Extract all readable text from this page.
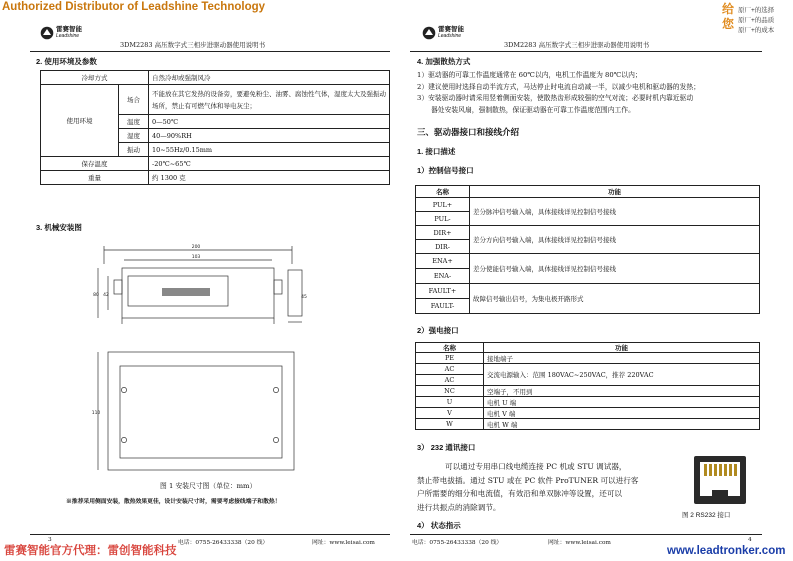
Authorized Distributor of Leadshine Technology	给 您
原厂+的选择
原厂+的品质
原厂+的成本
雷赛智能
Leadshine
3DM2283 高压数字式三相步进驱动器使用说明书
2. 使用环境及参数
冷却方式		自然冷却或强制风冷
使用环境	场合	不能放在其它发热的设备旁，要避免粉尘、油雾、腐蚀性气体，湿度太大及强振动场所，禁止有可燃气体和导电灰尘；
	温度	0—50℃
	湿度	40—90%RH
	振动	10~55Hz/0.15mm
保存温度		-20℃~65℃
重量		约 1300 克
3. 机械安装图
200
103
80 42	45
110
图 1 安装尺寸图（单位：mm）
※推荐采用侧面安装，散热效果更佳，设计安装尺寸时，需要考虑接线端子和散热！
3	电话：0755-26433338（20 线）	网址：www.leisai.com
雷赛智能
Leadshine
3DM2283 高压数字式三相步进驱动器使用说明书
4. 加强散热方式
1）驱动器的可靠工作温度通常在 60℃以内，电机工作温度为 80℃以内；
2）建议使用时选择自动半流方式，马达停止时电流自动减一半，以减少电机和驱动器的发热；
3）安装驱动器时请采用竖着侧面安装，使散热齿形成较强的空气对流；必要时机内靠近驱动
器处安装风扇，强制散热，保证驱动器在可靠工作温度范围内工作。
三、驱动器接口和接线介绍
1. 接口描述
1）控制信号接口
名称	功能
PUL+	差分脉冲信号输入端，具体接线详见控制信号接线
PUL-	
DIR+	差分方向信号输入端，具体接线详见控制信号接线
DIR-	
ENA+	差分使能信号输入端，具体接线详见控制信号接线
ENA-	
FAULT+	故障信号输出信号，为集电极开路形式
FAULT-	
2）强电接口
名称	功能
PE	接地端子
AC	交流电源输入：范围 180VAC~250VAC，推荐 220VAC
AC	
NC	空端子，不用到
U	电机 U 端
V	电机 V 端
W	电机 W 端
3） 232 通讯接口
可以通过专用串口线电缆连接 PC 机或 STU 调试器，
禁止带电拔插。通过 STU 或在 PC 软件 ProTUNER 可以进行客
户所需要的细分和电流值，有效沿和单双脉冲等设置，还可以
进行共振点的消除调节。
图 2 RS232 接口
4） 状态指示
电话：0755-26433338（20 线）	网址：www.leisai.com	4
雷赛智能官方代理：雷创智能科技	www.leadtronker.com
